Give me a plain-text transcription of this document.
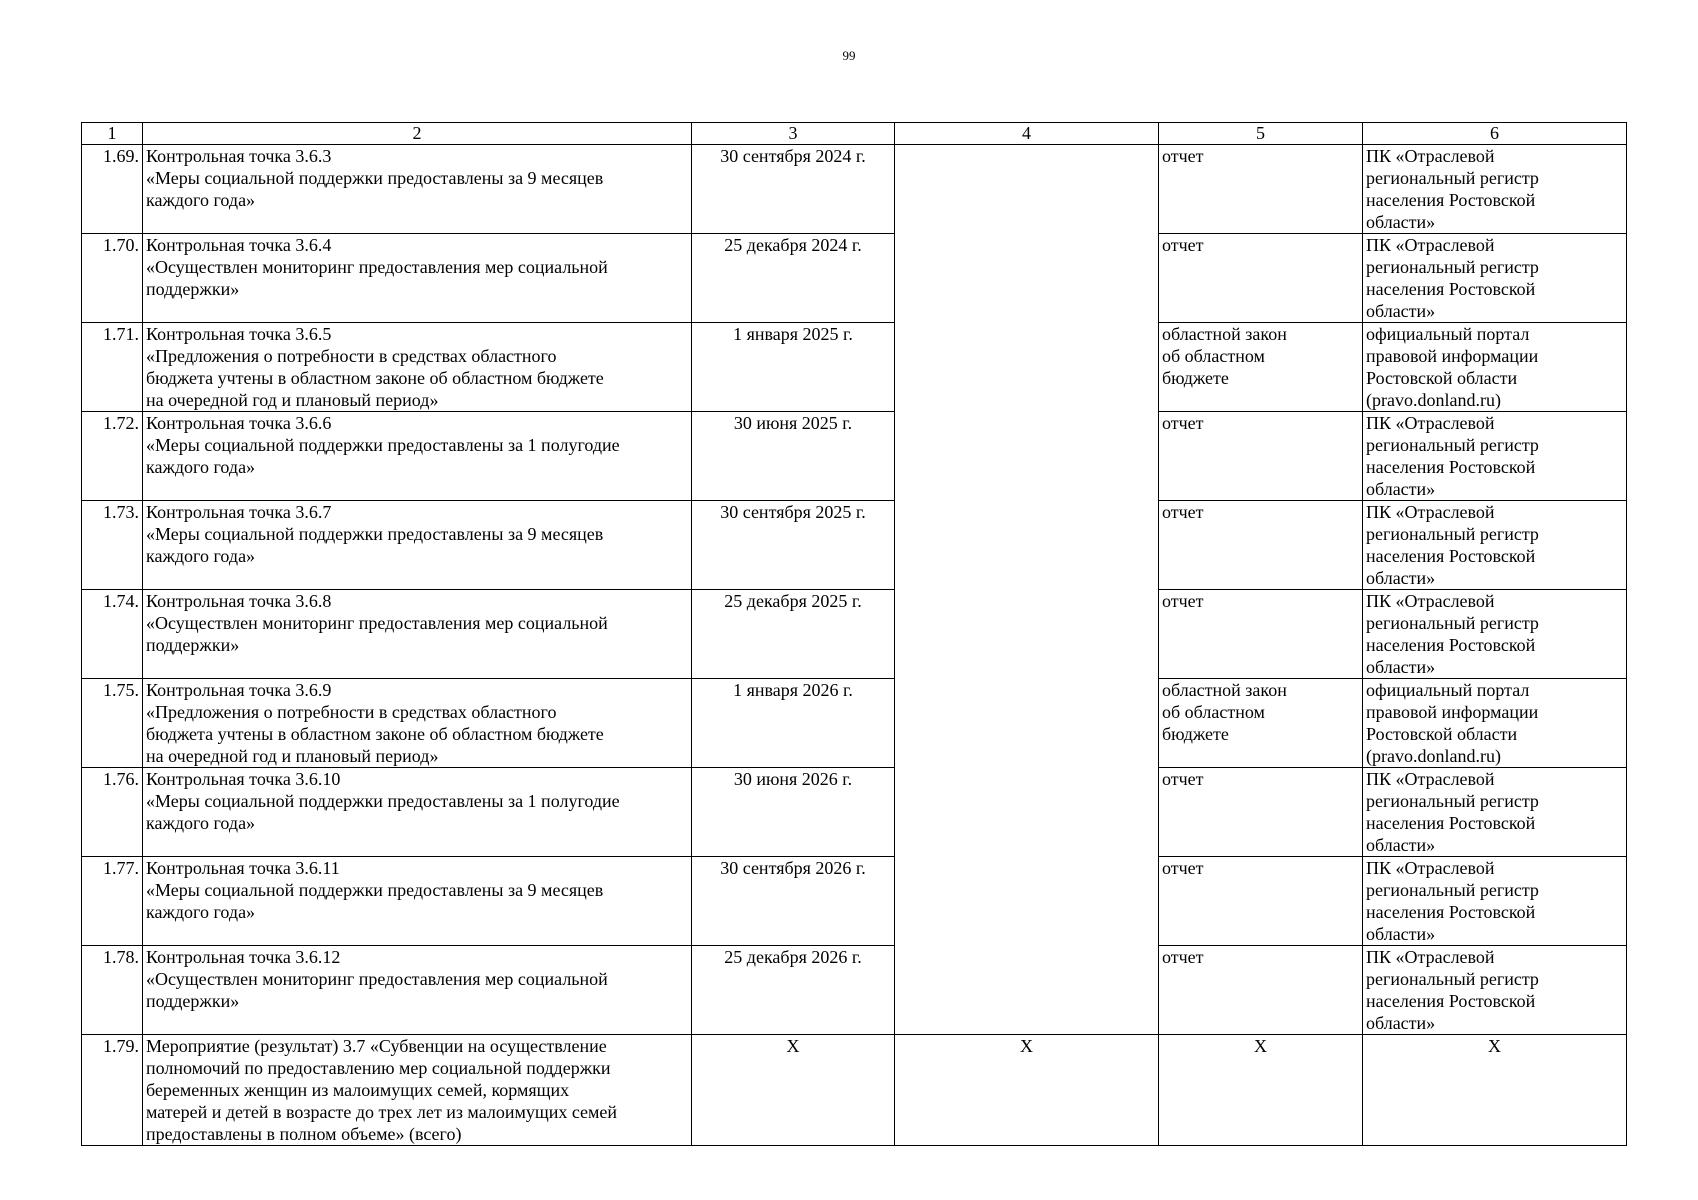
99
1	2	3	4	5	6
1.69.	Контрольная точка 3.6.3
«Меры социальной поддержки предоставлены за 9 месяцев
каждого года»	30 сентября 2024 г.		отчет	ПК «Отраслевой
региональный регистр
населения Ростовской
области»

1.70.	Контрольная точка 3.6.4
«Осуществлен мониторинг предоставления мер социальной
поддержки»	25 декабря 2024 г.		отчет	ПК «Отраслевой
региональный регистр
населения Ростовской
области»

1.71.	Контрольная точка 3.6.5
«Предложения о потребности в средствах областного
бюджета учтены в областном законе об областном бюджете
на очередной год и плановый период»	1 января 2025 г.		областной закон
об областном
бюджете	официальный портал
правовой информации
Ростовской области
(pravo.donland.ru)

1.72.	Контрольная точка 3.6.6
«Меры социальной поддержки предоставлены за 1 полугодие
каждого года»	30 июня 2025 г.		отчет	ПК «Отраслевой
региональный регистр
населения Ростовской
области»

1.73.	Контрольная точка 3.6.7
«Меры социальной поддержки предоставлены за 9 месяцев
каждого года»	30 сентября 2025 г.		отчет	ПК «Отраслевой
региональный регистр
населения Ростовской
области»

1.74.	Контрольная точка 3.6.8
«Осуществлен мониторинг предоставления мер социальной
поддержки»	25 декабря 2025 г.		отчет	ПК «Отраслевой
региональный регистр
населения Ростовской
области»

1.75.	Контрольная точка 3.6.9
«Предложения о потребности в средствах областного
бюджета учтены в областном законе об областном бюджете
на очередной год и плановый период»	1 января 2026 г.		областной закон
об областном
бюджете	официальный портал
правовой информации
Ростовской области
(pravo.donland.ru)

1.76.	Контрольная точка 3.6.10
«Меры социальной поддержки предоставлены за 1 полугодие
каждого года»	30 июня 2026 г.		отчет	ПК «Отраслевой
региональный регистр
населения Ростовской
области»

1.77.	Контрольная точка 3.6.11
«Меры социальной поддержки предоставлены за 9 месяцев
каждого года»	30 сентября 2026 г.		отчет	ПК «Отраслевой
региональный регистр
населения Ростовской
области»

1.78.	Контрольная точка 3.6.12
«Осуществлен мониторинг предоставления мер социальной
поддержки»	25 декабря 2026 г.		отчет	ПК «Отраслевой
региональный регистр
населения Ростовской
области»

1.79.	Мероприятие (результат) 3.7 «Субвенции на осуществление
полномочий по предоставлению мер социальной поддержки
беременных женщин из малоимущих семей, кормящих
матерей и детей в возрасте до трех лет из малоимущих семей
предоставлены в полном объеме» (всего)	X	X	X	X
